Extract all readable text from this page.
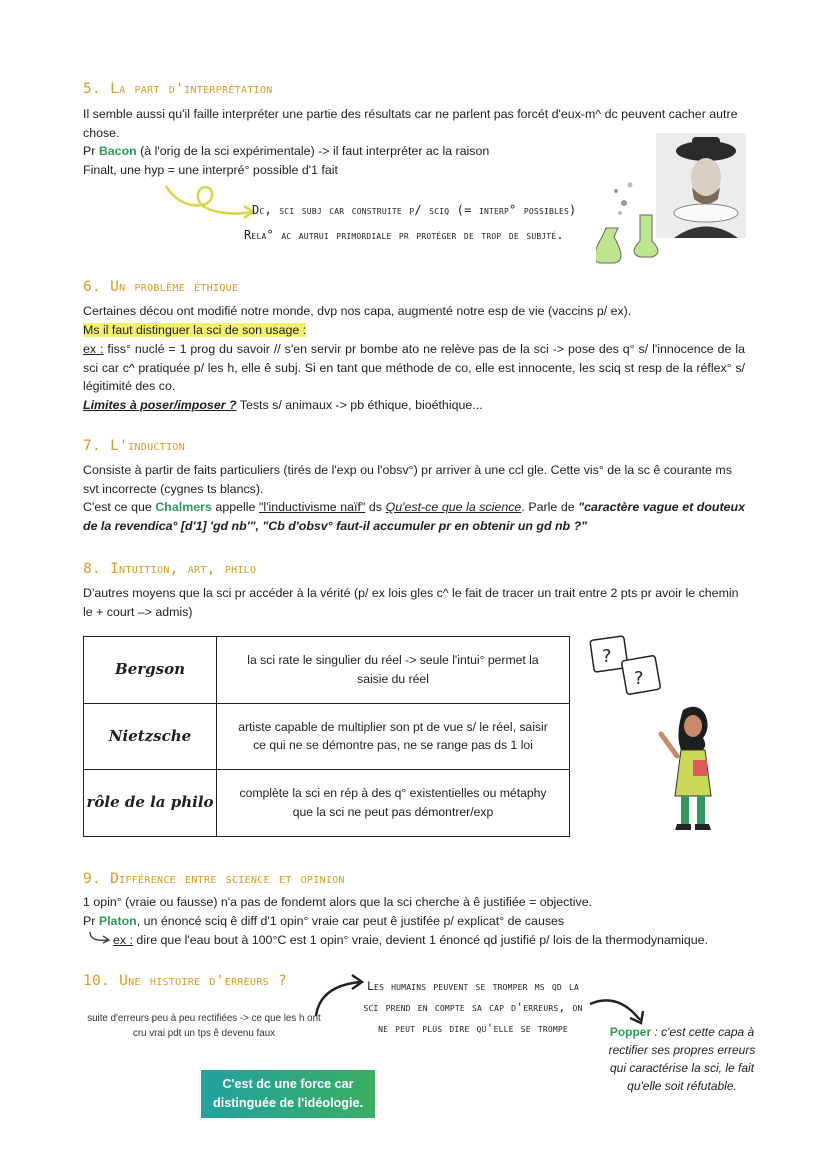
5. La part d'interprétation
Il semble aussi qu'il faille interpréter une partie des résultats car ne parlent pas forcét d'eux-m^ dc peuvent cacher autre chose.
Pr Bacon (à l'orig de la sci expérimentale) -> il faut interpréter ac la raison
Finalt, une hyp = une interpré° possible d'1 fait
Dc, sci subj car construite p/ sciq (= interp° possibles)
Rela° ac autrui primordiale pr protéger de trop de subjté.
6. Un problème éthique
Certaines décou ont modifié notre monde, dvp nos capa, augmenté notre esp de vie (vaccins p/ ex).
Ms il faut distinguer la sci de son usage :
ex : fiss° nuclé = 1 prog du savoir // s'en servir pr bombe ato ne relève pas de la sci -> pose des q° s/ l'innocence de la sci car c^ pratiquée p/ les h, elle ê subj. Si en tant que méthode de co, elle est innocente, les sciq st resp de la réflex° s/ légitimité des co.
Limites à poser/imposer ? Tests s/ animaux -> pb éthique, bioéthique...
7. L'induction
Consiste à partir de faits particuliers (tirés de l'exp ou l'obsv°) pr arriver à une ccl gle. Cette vis° de la sc ê courante ms svt incorrecte (cygnes ts blancs).
C'est ce que Chalmers appelle "l'inductivisme naïf" ds Qu'est-ce que la science. Parle de "caractère vague et douteux de la revendica° [d'1] 'gd nb'", "Cb d'obsv° faut-il accumuler pr en obtenir un gd nb ?"
8. Intuition, art, philo
D'autres moyens que la sci pr accéder à la vérité (p/ ex lois gles c^ le fait de tracer un trait entre 2 pts pr avoir le chemin le + court –> admis)
Bergson	la sci rate le singulier du réel -> seule l'intui° permet la saisie du réel
Nietzsche	artiste capable de multiplier son pt de vue s/ le réel, saisir ce qui ne se démontre pas, ne se range pas ds 1 loi
rôle de la philo	complète la sci en rép à des q° existentielles ou métaphy que la sci ne peut pas démontrer/exp
?
?
9. Différence entre science et opinion
1 opin° (vraie ou fausse) n'a pas de fondemt alors que la sci cherche à ê justifiée = objective.
Pr Platon, un énoncé sciq ê diff d'1 opin° vraie car peut ê justifée p/ explicat° de causes
ex : dire que l'eau bout à 100°C est 1 opin° vraie, devient 1 énoncé qd justifié p/ lois de la thermodynamique.
10. Une histoire d'erreurs ?
suite d'erreurs peu à peu rectifiées -> ce que les h ont cru vrai pdt un tps ê devenu faux
Les humains peuvent se tromper ms qd la sci prend en compte sa cap d'erreurs, on ne peut plus dire qu'elle se trompe	Popper : c'est cette capa à rectifier ses propres erreurs qui caractérise la sci, le fait qu'elle soit réfutable.
C'est dc une force car distinguée de l'idéologie.
